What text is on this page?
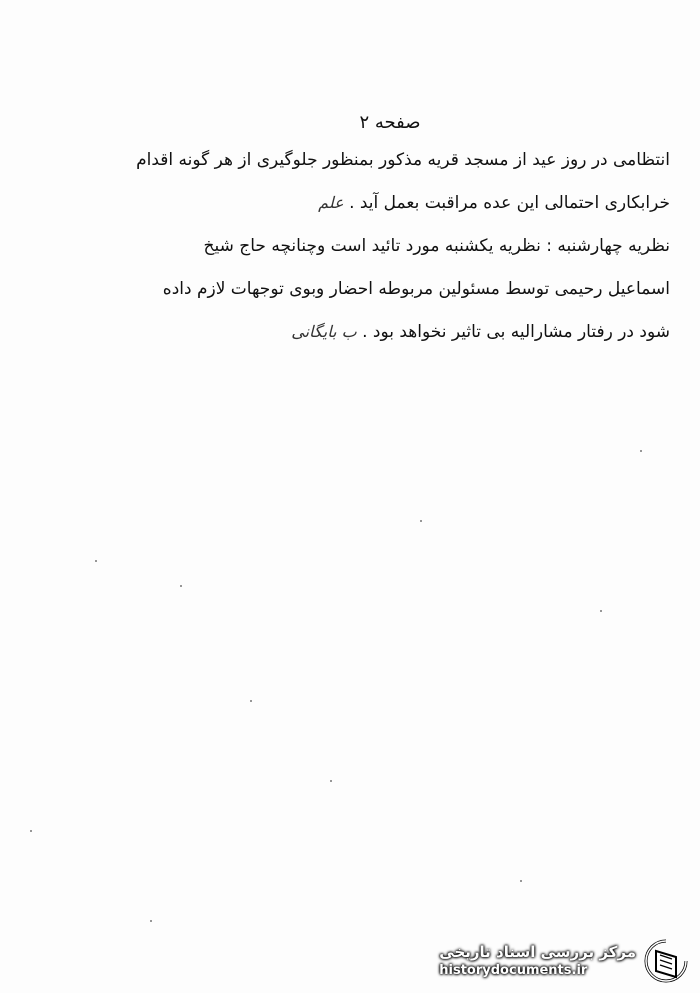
صفحه ۲
انتظامی در روز عید از مسجد قریه مذکور بمنظور جلوگیری از هر گونه اقدام
خرابکاری احتمالی این عده مراقبت بعمل آید . علم
نظریه چهارشنبه : نظریه یکشنبه مورد تائید است وچنانچه حاج شیخ
اسماعیل رحیمی توسط مسئولین مربوطه احضار وبوی توجهات لازم داده
شود در رفتار مشارالیه بی تاثیر نخواهد بود . ب بایگانی
مرکز بررسی اسناد تاریخی
historydocuments.ir
